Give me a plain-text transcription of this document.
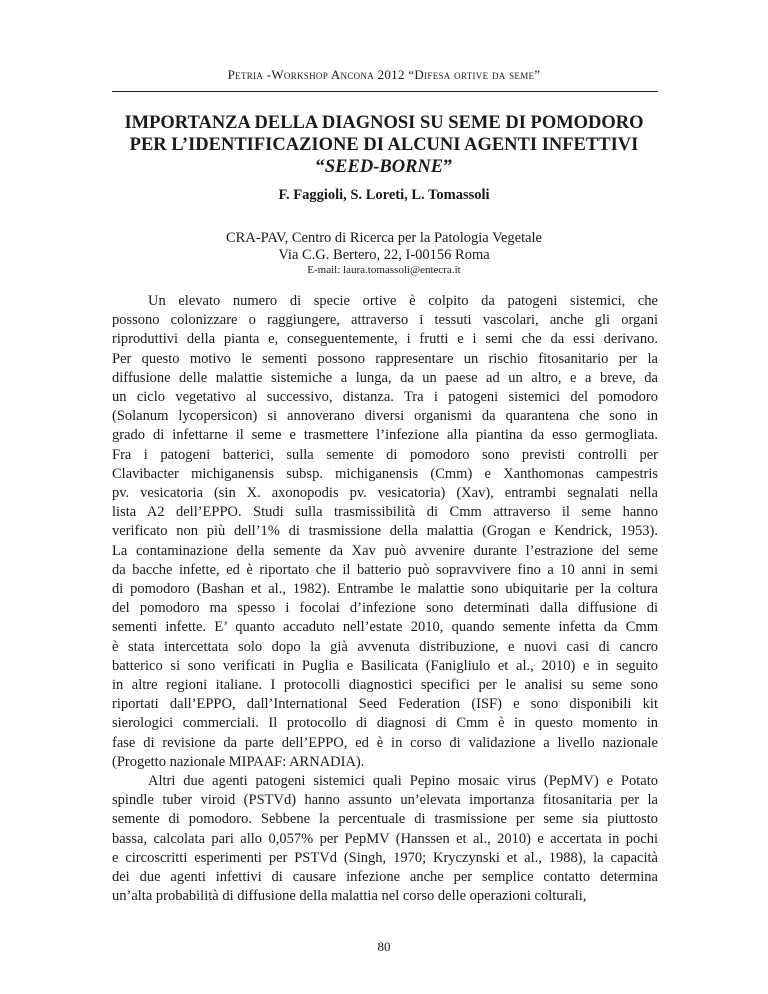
Petria -Workshop Ancona 2012 “Difesa ortive da seme”
IMPORTANZA DELLA DIAGNOSI SU SEME DI POMODORO
PER L’IDENTIFICAZIONE DI ALCUNI AGENTI INFETTIVI
“SEED-BORNE”
F. Faggioli, S. Loreti, L. Tomassoli
CRA-PAV, Centro di Ricerca per la Patologia Vegetale
Via C.G. Bertero, 22, I-00156 Roma
E-mail: laura.tomassoli@entecra.it

Un elevato numero di specie ortive è colpito da patogeni sistemici, che
possono colonizzare o raggiungere, attraverso i tessuti vascolari, anche gli organi
riproduttivi della pianta e, conseguentemente, i frutti e i semi che da essi derivano.
Per questo motivo le sementi possono rappresentare un rischio fitosanitario per la
diffusione delle malattie sistemiche a lunga, da un paese ad un altro, e a breve, da
un ciclo vegetativo al successivo, distanza. Tra i patogeni sistemici del pomodoro
(Solanum lycopersicon) si annoverano diversi organismi da quarantena che sono in
grado di infettarne il seme e trasmettere l’infezione alla piantina da esso germogliata.
Fra i patogeni batterici, sulla semente di pomodoro sono previsti controlli per
Clavibacter michiganensis subsp. michiganensis (Cmm) e Xanthomonas campestris
pv. vesicatoria (sin X. axonopodis pv. vesicatoria) (Xav), entrambi segnalati nella
lista A2 dell’EPPO. Studi sulla trasmissibilità di Cmm attraverso il seme hanno
verificato non più dell’1% di trasmissione della malattia (Grogan e Kendrick, 1953).
La contaminazione della semente da Xav può avvenire durante l’estrazione del seme
da bacche infette, ed è riportato che il batterio può sopravvivere fino a 10 anni in semi
di pomodoro (Bashan et al., 1982). Entrambe le malattie sono ubiquitarie per la coltura
del pomodoro ma spesso i focolai d’infezione sono determinati dalla diffusione di
sementi infette. E’ quanto accaduto nell’estate 2010, quando semente infetta da Cmm
è stata intercettata solo dopo la già avvenuta distribuzione, e nuovi casi di cancro
batterico si sono verificati in Puglia e Basilicata (Fanigliulo et al., 2010) e in seguito
in altre regioni italiane. I protocolli diagnostici specifici per le analisi su seme sono
riportati dall’EPPO, dall’International Seed Federation (ISF) e sono disponibili kit
sierologici commerciali. Il protocollo di diagnosi di Cmm è in questo momento in
fase di revisione da parte dell’EPPO, ed è in corso di validazione a livello nazionale
(Progetto nazionale MIPAAF: ARNADIA).

Altri due agenti patogeni sistemici quali Pepino mosaic virus (PepMV) e Potato
spindle tuber viroid (PSTVd) hanno assunto un’elevata importanza fitosanitaria per la
semente di pomodoro. Sebbene la percentuale di trasmissione per seme sia piuttosto
bassa, calcolata pari allo 0,057% per PepMV (Hanssen et al., 2010) e accertata in pochi
e circoscritti esperimenti per PSTVd (Singh, 1970; Kryczynski et al., 1988), la capacità
dei due agenti infettivi di causare infezione anche per semplice contatto determina
un’alta probabilità di diffusione della malattia nel corso delle operazioni colturali,

80
